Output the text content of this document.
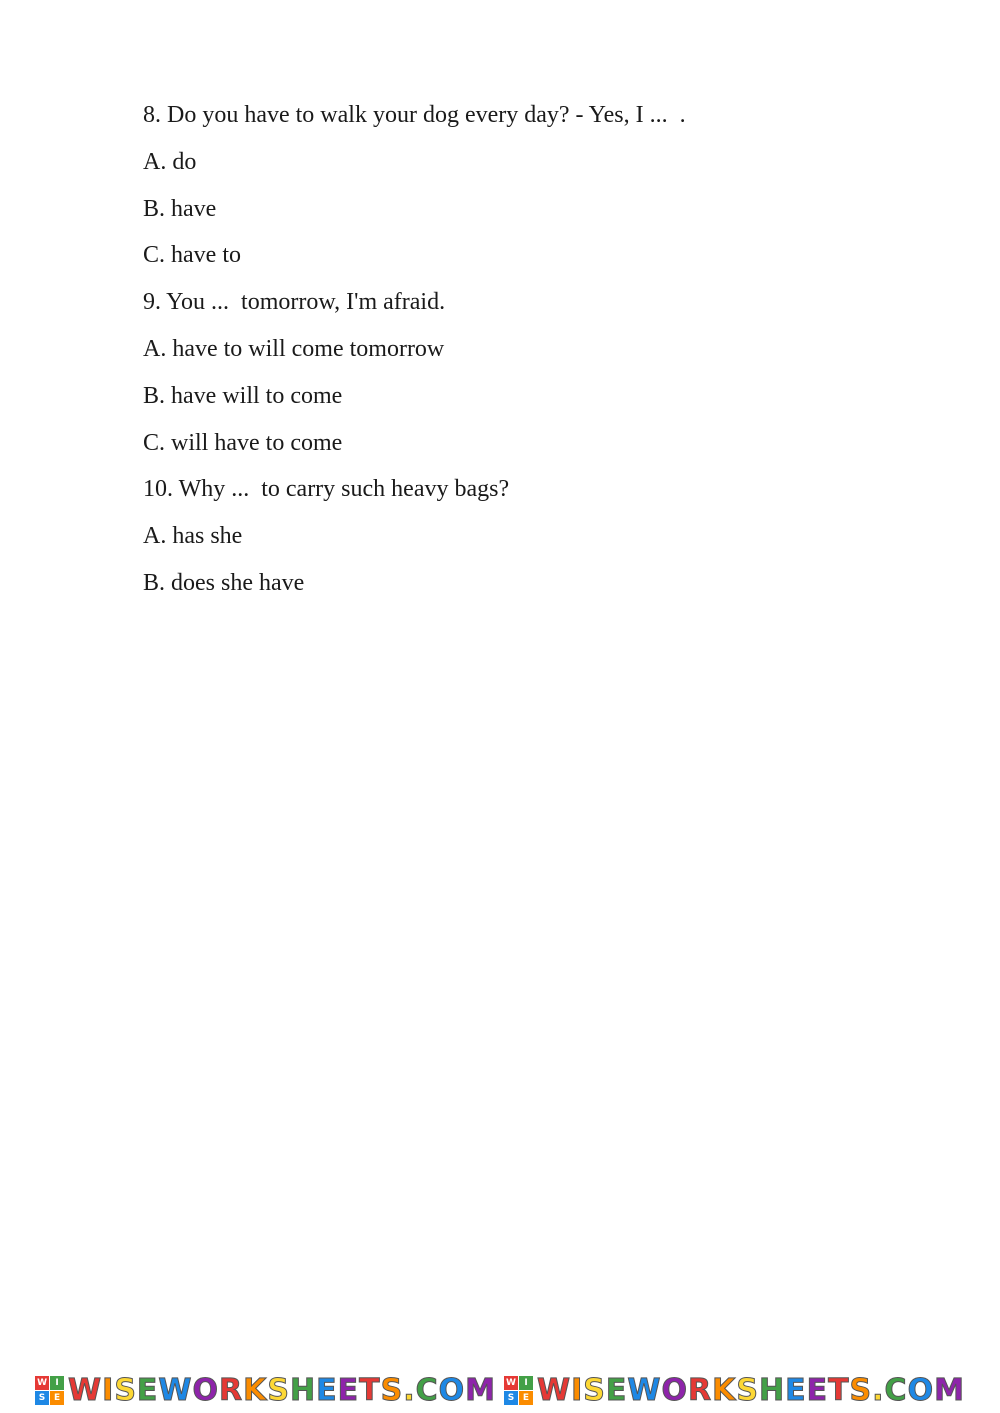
8. Do you have to walk your dog every day? - Yes, I ...  .

A. do

B. have

C. have to

9. You ...  tomorrow, I'm afraid.

A. have to will come tomorrow

B. have will to come

C. will have to come

10. Why ...  to carry such heavy bags?

A. has she

B. does she have

W I
S E W I S E W O R K S H E E T S . C O M W I
S E W I S E W O R K S H E E T S . C O M
